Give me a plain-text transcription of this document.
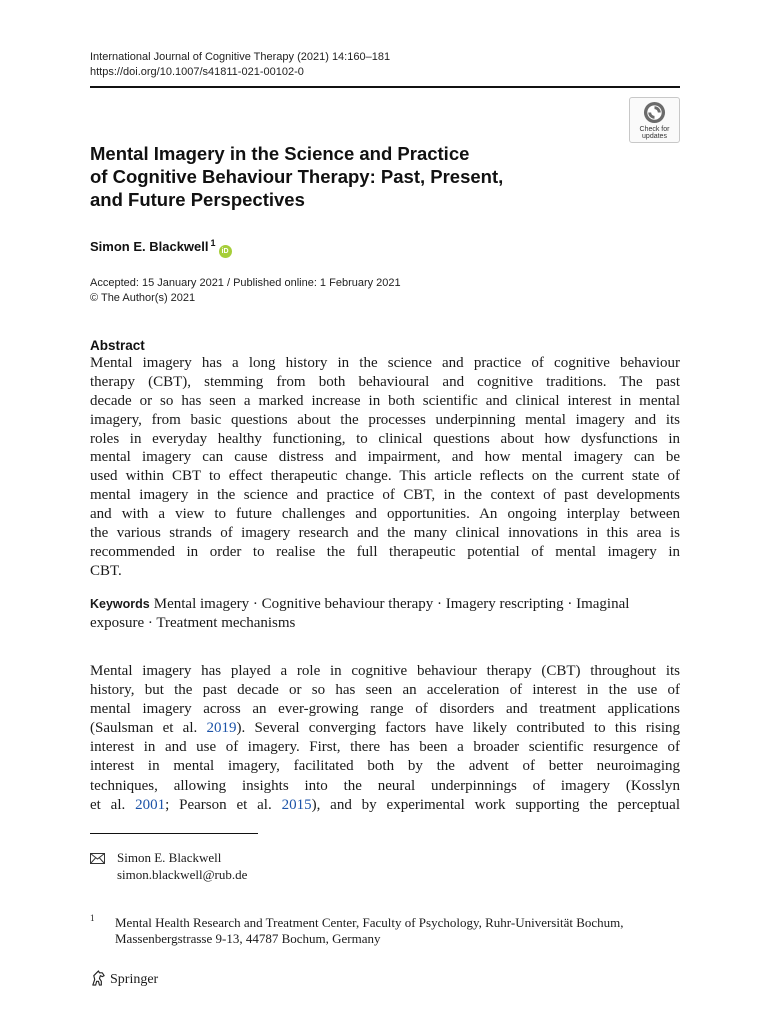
International Journal of Cognitive Therapy (2021) 14:160–181
https://doi.org/10.1007/s41811-021-00102-0
Check for
updates
Mental Imagery in the Science and Practice
of Cognitive Behaviour Therapy: Past, Present,
and Future Perspectives
Simon E. Blackwell $^1$iD
Accepted: 15 January 2021 / Published online: 1 February 2021
© The Author(s) 2021
Abstract
Mental imagery has a long history in the science and practice of cognitive behaviour
therapy (CBT), stemming from both behavioural and cognitive traditions. The past
decade or so has seen a marked increase in both scientific and clinical interest in mental
imagery, from basic questions about the processes underpinning mental imagery and its
roles in everyday healthy functioning, to clinical questions about how dysfunctions in
mental imagery can cause distress and impairment, and how mental imagery can be
used within CBT to effect therapeutic change. This article reflects on the current state of
mental imagery in the science and practice of CBT, in the context of past developments
and with a view to future challenges and opportunities. An ongoing interplay between
the various strands of imagery research and the many clinical innovations in this area is
recommended in order to realise the full therapeutic potential of mental imagery in
CBT.
Keywords Mental imagery · Cognitive behaviour therapy · Imagery rescripting · Imaginal
exposure · Treatment mechanisms
Mental imagery has played a role in cognitive behaviour therapy (CBT) throughout its
history, but the past decade or so has seen an acceleration of interest in the use of
mental imagery across an ever-growing range of disorders and treatment applications
(Saulsman et al. 2019). Several converging factors have likely contributed to this rising
interest in and use of imagery. First, there has been a broader scientific resurgence of
interest in mental imagery, facilitated both by the advent of better neuroimaging
techniques, allowing insights into the neural underpinnings of imagery (Kosslyn
et al. 2001; Pearson et al. 2015), and by experimental work supporting the perceptual
Simon E. Blackwell
simon.blackwell@rub.de
1 Mental Health Research and Treatment Center, Faculty of Psychology, Ruhr-Universität Bochum,
Massenbergstrasse 9-13, 44787 Bochum, Germany
Springer
